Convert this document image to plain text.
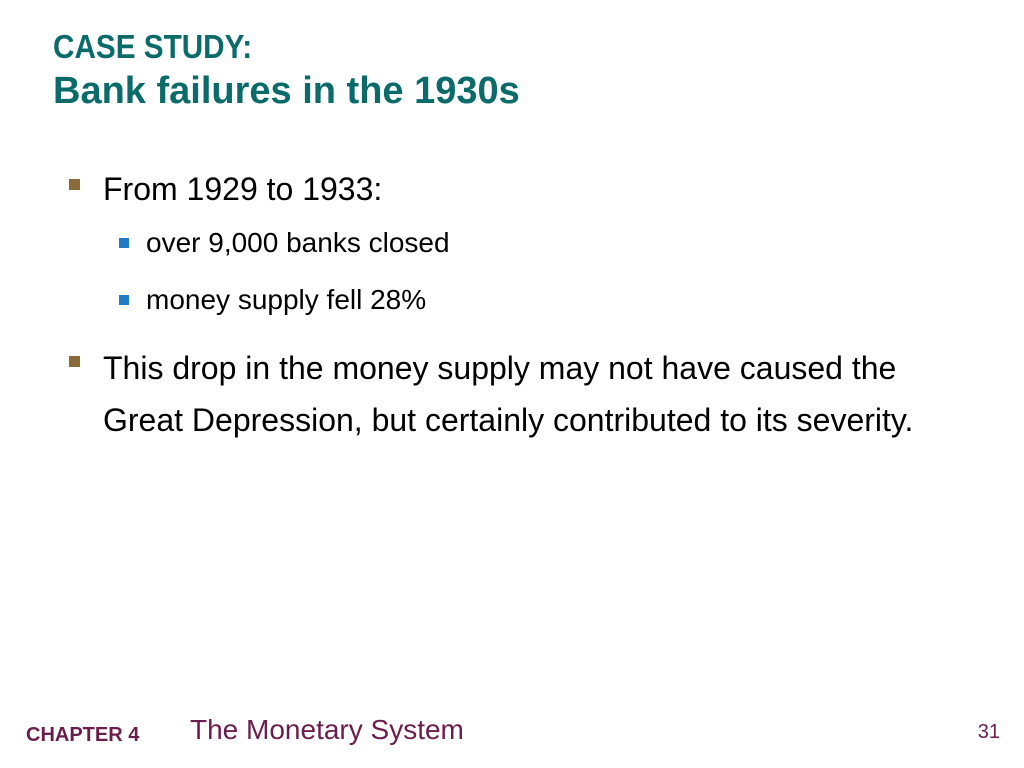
CASE STUDY:
Bank failures in the 1930s
From 1929 to 1933:
over 9,000 banks closed
money supply fell 28%
This drop in the money supply may not have caused the Great Depression, but certainly contributed to its severity.
CHAPTER 4 The Monetary System	31
